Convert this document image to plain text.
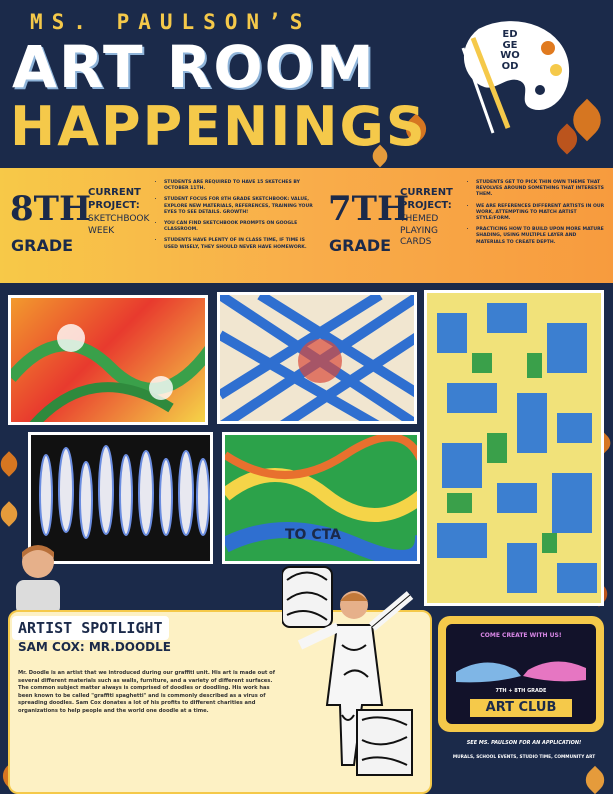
MS. PAULSON’S
ART ROOM
HAPPENINGS
EDGEWOOD
8TH
GRADE
CURRENT PROJECT:
SKETCHBOOK WEEK
• STUDENTS ARE REQUIRED TO HAVE 15 SKETCHES BY OCTOBER 11TH.
• STUDENT FOCUS FOR 8TH GRADE SKETCHBOOK: VALUE, EXPLORE NEW MATERIALS, REFERENCES, TRAINING YOUR EYES TO SEE DETAILS. GROWTH!
• YOU CAN FIND SKETCHBOOK PROMPTS ON GOOGLE CLASSROOM.
• STUDENTS HAVE PLENTY OF IN CLASS TIME, IF TIME IS USED WISELY, THEY SHOULD NEVER HAVE HOMEWORK.
7TH
GRADE
CURRENT PROJECT:
THEMED PLAYING CARDS
• STUDENTS GET TO PICK THIN OWN THEME THAT REVOLVES AROUND SOMETHING THAT INTERESTS THEM.
• WE ARE REFERENCES DIFFERENT ARTISTS IN OUR WORK, ATTEMPTING TO MATCH ARTIST STYLE/FORM.
• PRACTICING HOW TO BUILD UPON MORE MATURE SHADING, USING MULTIPLE LAYER AND MATERIALS TO CREATE DEPTH.
TO CTA
ARTIST SPOTLIGHT
SAM COX: MR.DOODLE
Mr. Doodle is an artist that we introduced during our graffiti unit. His art is made out of several different materials such as walls, furniture, and a variety of different surfaces. The common subject matter always is comprised of doodles or doodling. His work has been known to be called "graffiti spaghetti" and is commonly described as a virus of spreading doodles. Sam Cox donates a lot of his profits to different charities and organizations to help people and the world one doodle at a time.
COME CREATE WITH US!
7TH + 8TH GRADE
ART CLUB
SEE MS. PAULSON FOR AN APPLICATION!
MURALS, SCHOOL EVENTS, STUDIO TIME, COMMUNITY ART
